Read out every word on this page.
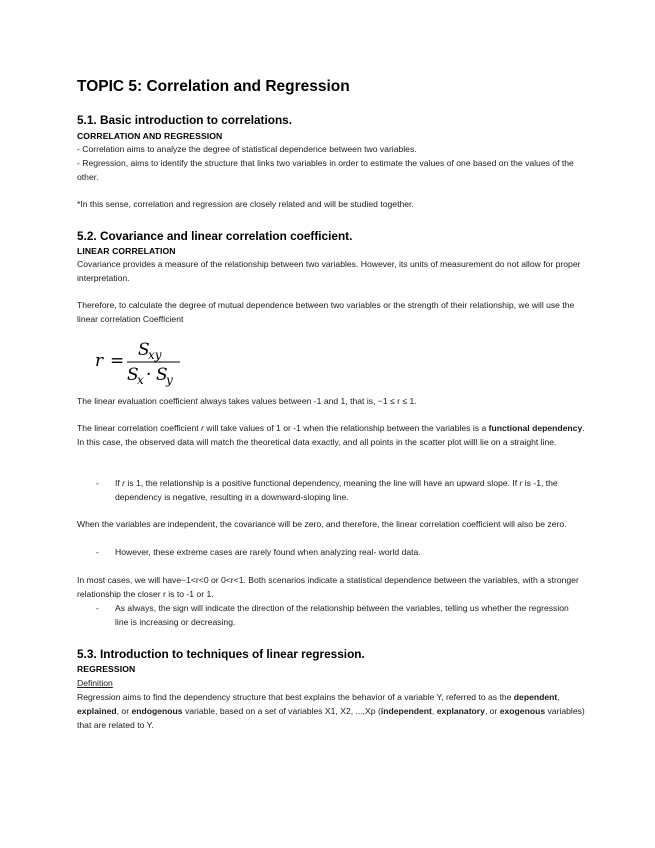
TOPIC 5: Correlation and Regression
5.1. Basic introduction to correlations.
CORRELATION AND REGRESSION

- Correlation aims to analyze the degree of statistical dependence between two variables.

- Regression, aims to identify the structure that links two variables in order to estimate the values of one based on the values of the other.

*In this sense, correlation and regression are closely related and will be studied together.

5.2. Covariance and linear correlation coefficient.
LINEAR CORRELATION

Covariance provides a measure of the relationship between two variables. However, its units of measurement do not allow for proper interpretation.

Therefore, to calculate the degree of mutual dependence between two variables or the strength of their relationship, we will use the linear correlation Coefficient

r =
S
xy
S
x · S
y

The linear evaluation coefficient always takes values between -1 and 1, that is, −1 ≤ r ≤ 1.

The linear correlation coefficient r will take values of 1 or -1 when the relationship between the variables is a functional dependency. In this case, the observed data will match the theoretical data exactly, and all points in the scatter plot willl lie on a straight line.

- If r is 1, the relationship is a positive functional dependency, meaning the line will have an upward slope. If r is -1, the dependency is negative, resulting in a downward-sloping line.

When the variables are independent, the covariance will be zero, and therefore, the linear correlation coefficient will also be zero.

- However, these extreme cases are rarely found when analyzing real- world data.

In most cases, we will have−1<r<0 or 0<r<1. Both scenarios indicate a statistical dependence between the variables, with a stronger relationship the closer r is to -1 or 1.

- As always, the sign will indicate the direction of the relationship between the variables, telling us whether the regression line is increasing or decreasing.

5.3. Introduction to techniques of linear regression.
REGRESSION
Definition

Regression aims to find the dependency structure that best explains the behavior of a variable Y, referred to as the dependent, explained, or endogenous variable, based on a set of variables X1, X2, ...,Xp (independent, explanatory, or exogenous variables) that are related to Y.
